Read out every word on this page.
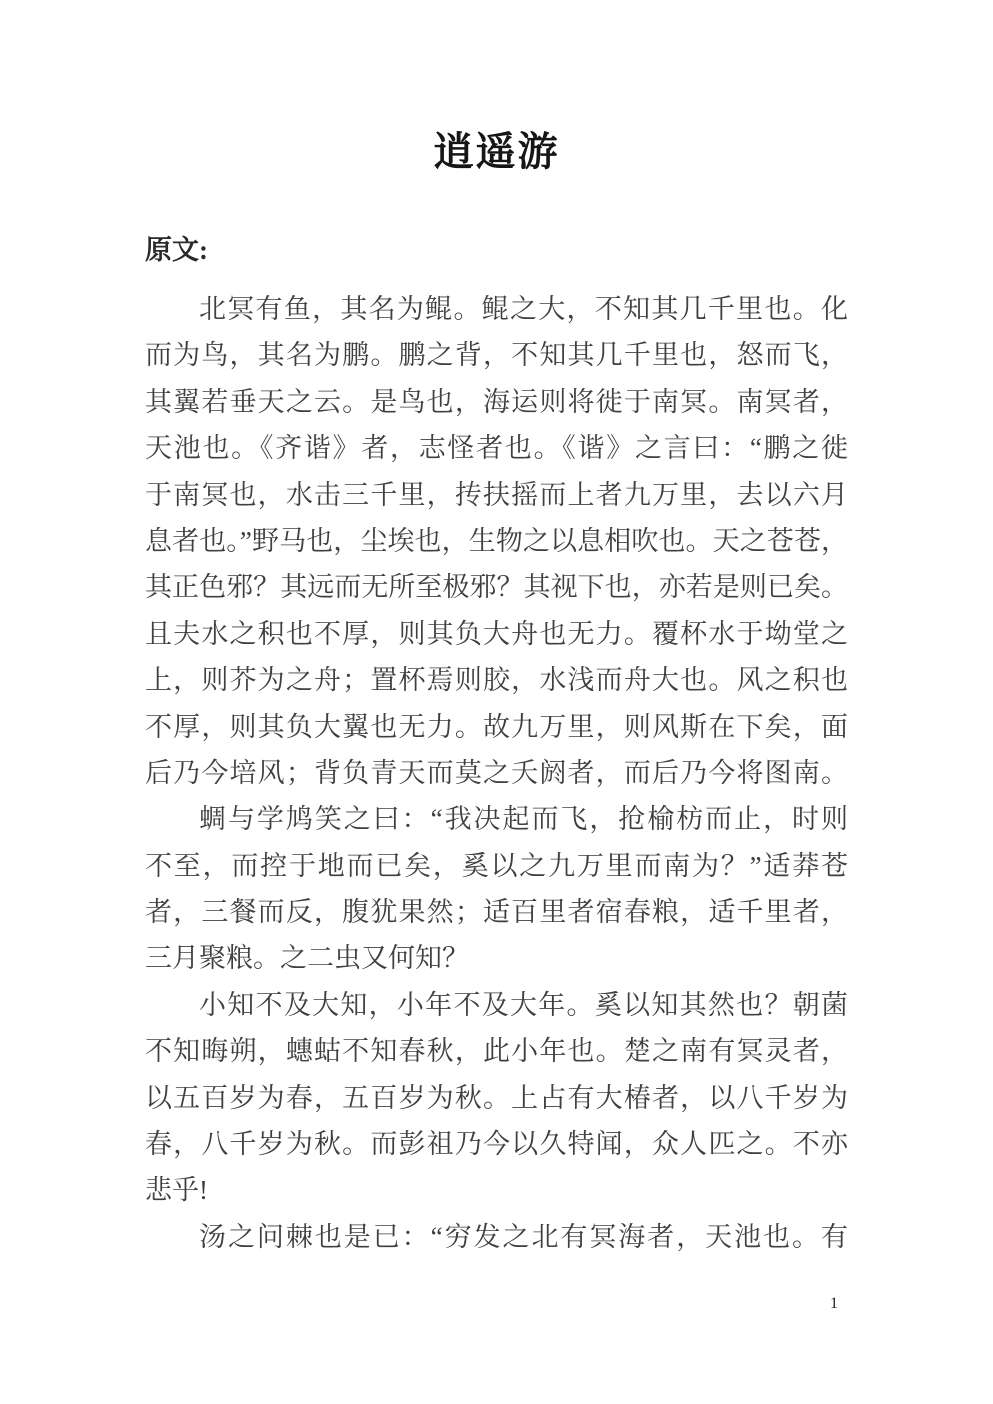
逍遥游
原文:
北冥有鱼，其名为鲲。鲲之大，不知其几千里也。化
而为鸟，其名为鹏。鹏之背，不知其几千里也，怒而飞，
其翼若垂天之云。是鸟也，海运则将徙于南冥。南冥者，
天池也。《齐谐》者，志怪者也。《谐》之言曰：“鹏之徙
于南冥也，水击三千里，抟扶摇而上者九万里，去以六月
息者也。”野马也，尘埃也，生物之以息相吹也。天之苍苍，
其正色邪？其远而无所至极邪？其视下也，亦若是则已矣。
且夫水之积也不厚，则其负大舟也无力。覆杯水于坳堂之
上，则芥为之舟；置杯焉则胶，水浅而舟大也。风之积也
不厚，则其负大翼也无力。故九万里，则风斯在下矣，面
后乃今培风；背负青天而莫之夭阏者，而后乃今将图南。
蜩与学鸠笑之曰：“我决起而飞，抢榆枋而止，时则
不至，而控于地而已矣，奚以之九万里而南为？”适莽苍
者，三餐而反，腹犹果然；适百里者宿春粮，适千里者，
三月聚粮。之二虫又何知？
小知不及大知，小年不及大年。奚以知其然也？朝菌
不知晦朔，蟪蛄不知春秋，此小年也。楚之南有冥灵者，
以五百岁为春，五百岁为秋。上占有大椿者，以八千岁为
春，八千岁为秋。而彭祖乃今以久特闻，众人匹之。不亦
悲乎!
汤之问棘也是已：“穷发之北有冥海者，天池也。有
1
